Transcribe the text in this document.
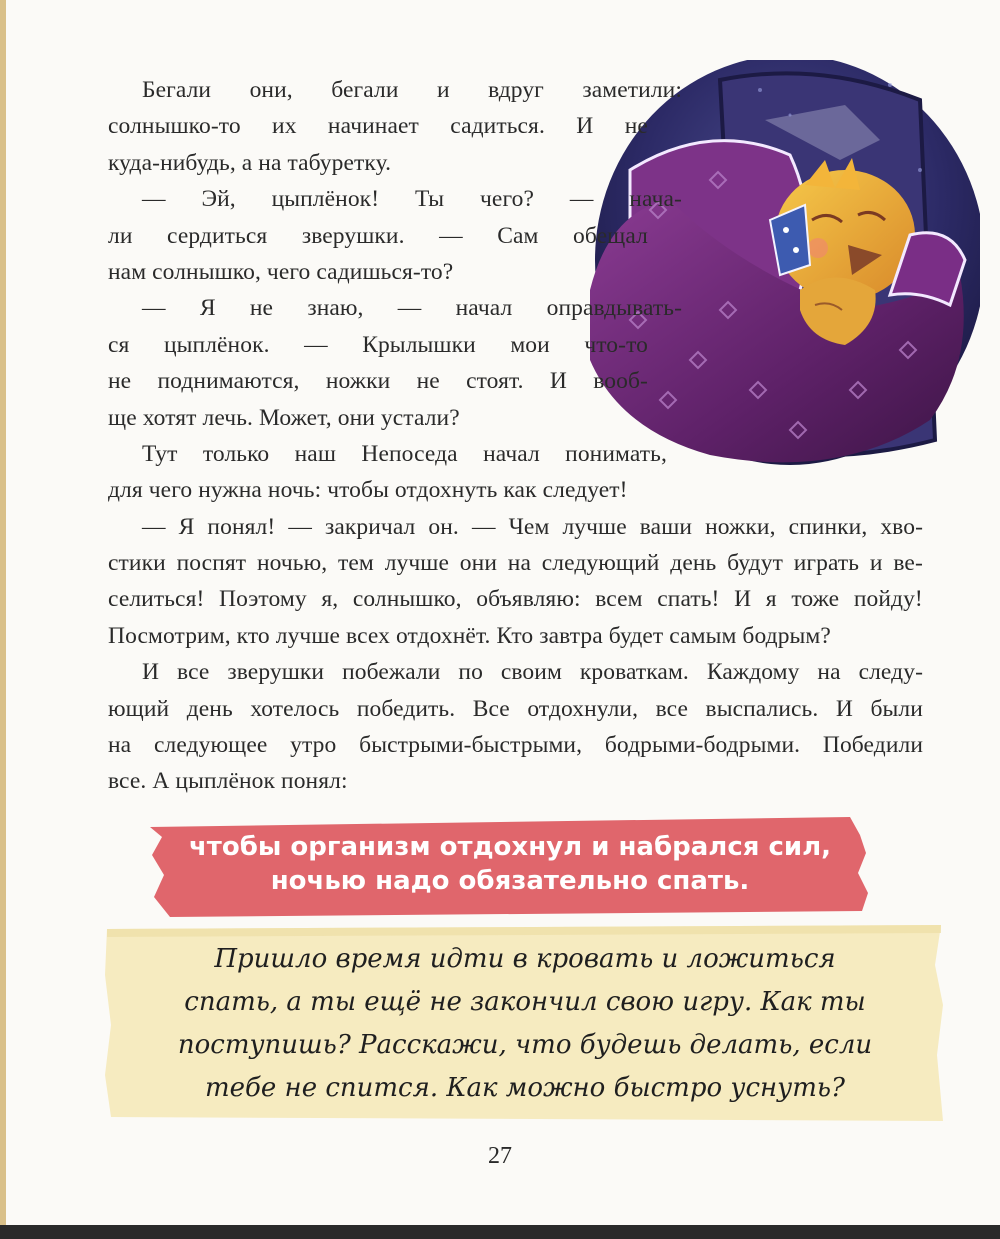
Бегали они, бегали и вдруг заметили:
солнышко-то их начинает садиться. И не
куда-нибудь, а на табуретку.
— Эй, цыплёнок! Ты чего? — нача-
ли сердиться зверушки. — Сам обещал
нам солнышко, чего садишься-то?
— Я не знаю, — начал оправдывать-
ся цыплёнок. — Крылышки мои что-то
не поднимаются, ножки не стоят. И вооб-
ще хотят лечь. Может, они устали?
Тут только наш Непоседа начал понимать,
для чего нужна ночь: чтобы отдохнуть как следует!
— Я понял! — закричал он. — Чем лучше ваши ножки, спинки, хво-
стики поспят ночью, тем лучше они на следующий день будут играть и ве-
селиться! Поэтому я, солнышко, объявляю: всем спать! И я тоже пойду!
Посмотрим, кто лучше всех отдохнёт. Кто завтра будет самым бодрым?
И все зверушки побежали по своим кроваткам. Каждому на следу-
ющий день хотелось победить. Все отдохнули, все выспались. И были
на следующее утро быстрыми-быстрыми, бодрыми-бодрыми. Победили
все. А цыплёнок понял:
чтобы организм отдохнул и набрался сил,
ночью надо обязательно спать.
Пришло время идти в кровать и ложиться
спать, а ты ещё не закончил свою игру. Как ты
поступишь? Расскажи, что будешь делать, если
тебе не спится. Как можно быстро уснуть?
27
